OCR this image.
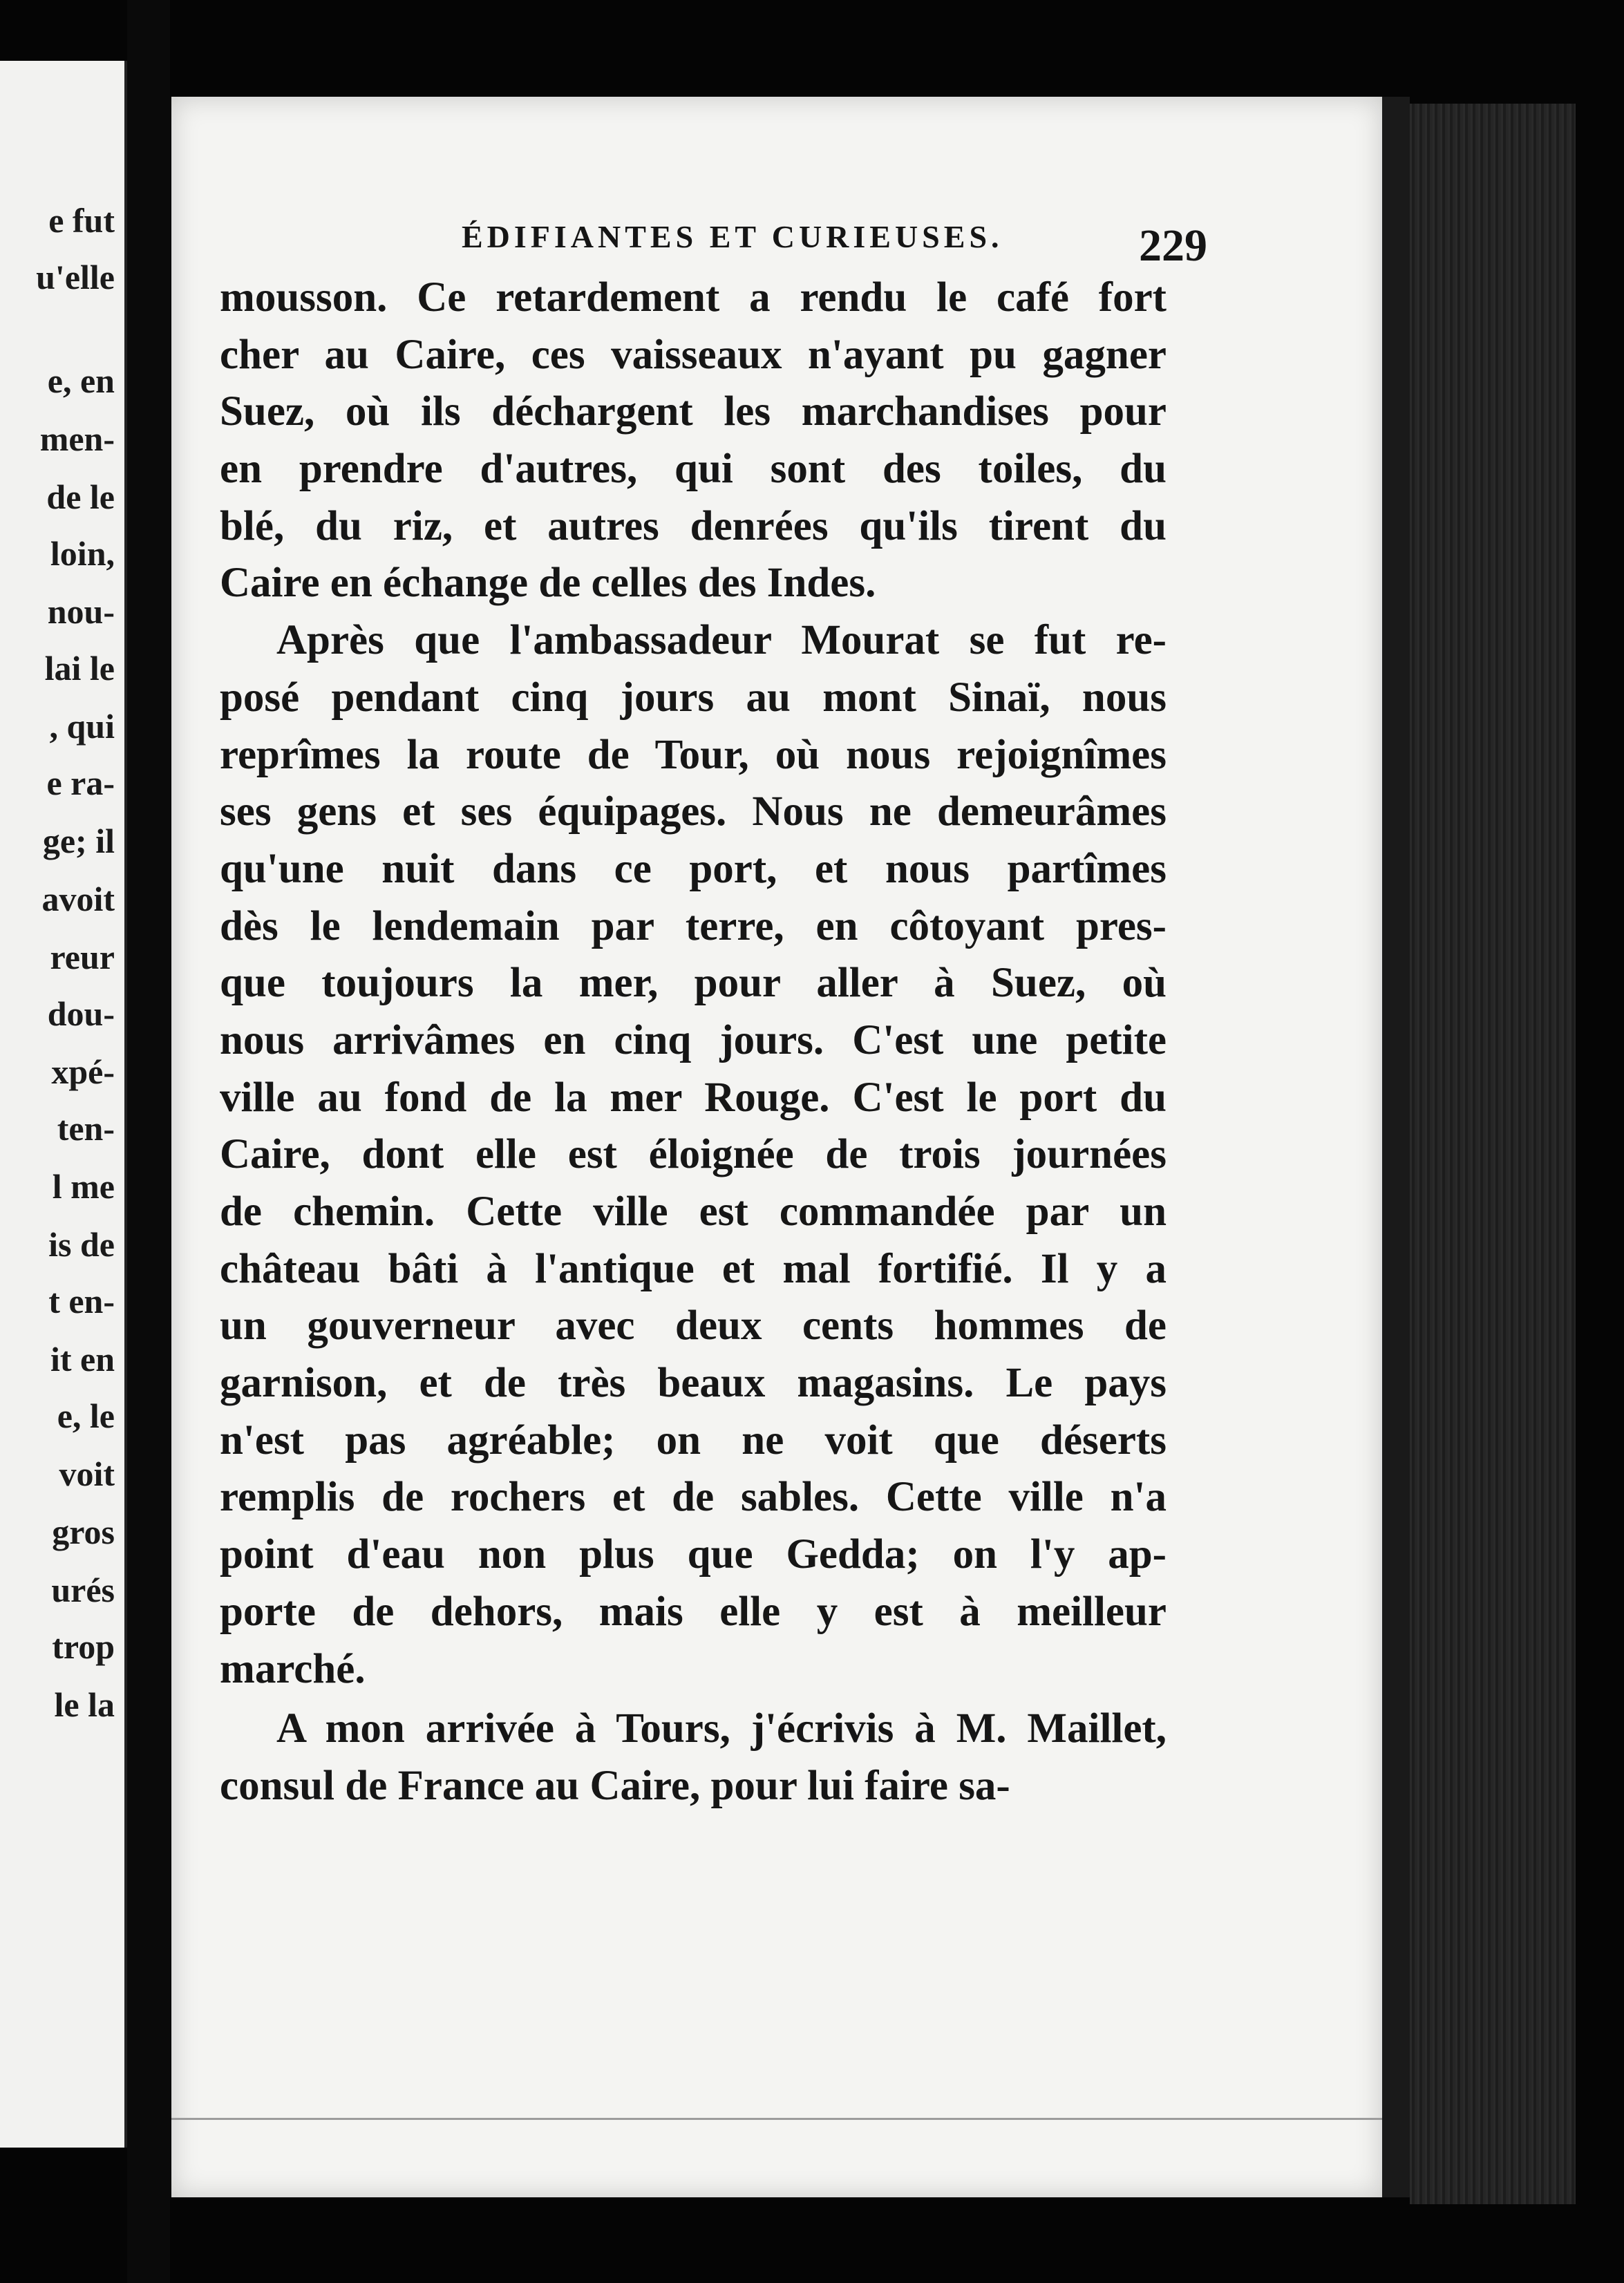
e fut
u'elle
e, en
men-
de le
loin,
nou-
lai le
, qui
e ra-
ge; il
avoit
reur
dou-
xpé-
ten-
l me
is de
t en-
it en
e, le
voit
gros
urés
trop
le la
ÉDIFIANTES ET CURIEUSES.	229
mousson. Ce retardement a rendu le café fort
cher au Caire, ces vaisseaux n'ayant pu gagner
Suez, où ils déchargent les marchandises pour
en prendre d'autres, qui sont des toiles, du
blé, du riz, et autres denrées qu'ils tirent du
Caire en échange de celles des Indes.
Après que l'ambassadeur Mourat se fut re-
posé pendant cinq jours au mont Sinaï, nous
reprîmes la route de Tour, où nous rejoignîmes
ses gens et ses équipages. Nous ne demeurâmes
qu'une nuit dans ce port, et nous partîmes
dès le lendemain par terre, en côtoyant pres-
que toujours la mer, pour aller à Suez, où
nous arrivâmes en cinq jours. C'est une petite
ville au fond de la mer Rouge. C'est le port du
Caire, dont elle est éloignée de trois journées
de chemin. Cette ville est commandée par un
château bâti à l'antique et mal fortifié. Il y a
un gouverneur avec deux cents hommes de
garnison, et de très beaux magasins. Le pays
n'est pas agréable; on ne voit que déserts
remplis de rochers et de sables. Cette ville n'a
point d'eau non plus que Gedda; on l'y ap-
porte de dehors, mais elle y est à meilleur
marché.
A mon arrivée à Tours, j'écrivis à M. Maillet,
consul de France au Caire, pour lui faire sa-
